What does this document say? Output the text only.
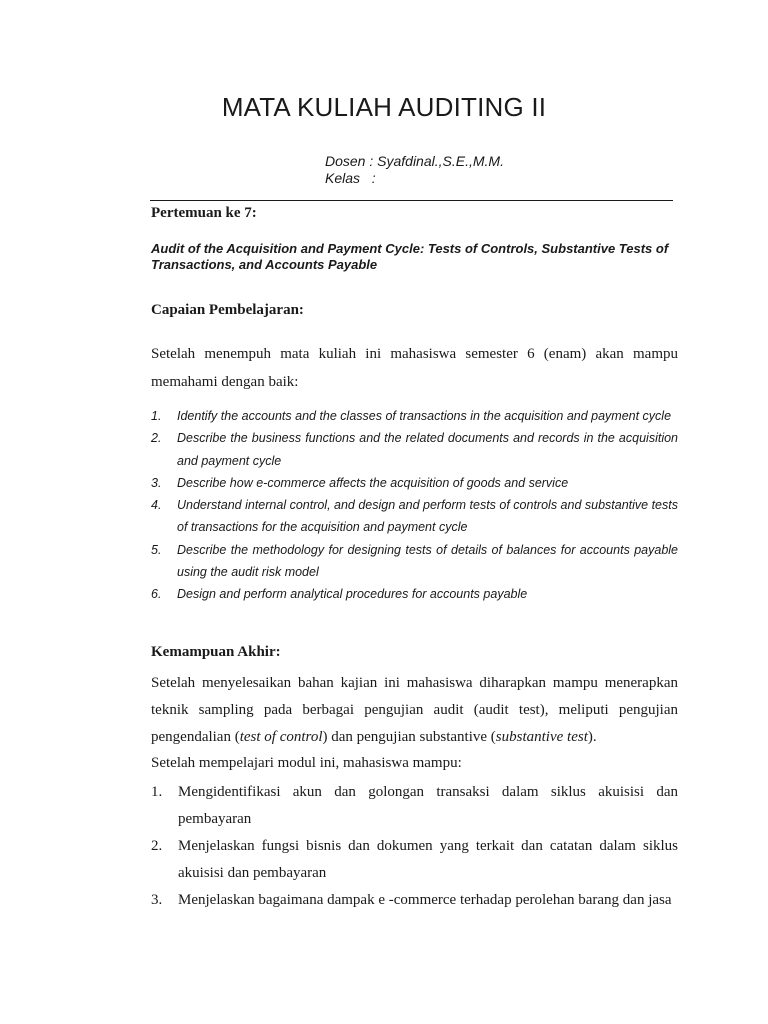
MATA KULIAH AUDITING II
Dosen : Syafdinal.,S.E.,M.M.
Kelas   :
Pertemuan ke 7:
Audit of the Acquisition and Payment Cycle: Tests of Controls, Substantive Tests of Transactions, and Accounts Payable
Capaian Pembelajaran:
Setelah menempuh mata kuliah ini mahasiswa semester 6 (enam) akan mampu memahami dengan baik:
1. Identify the accounts and the classes of transactions in the acquisition and payment cycle
2. Describe the business functions and the related documents and records in the acquisition and payment cycle
3. Describe how e-commerce affects the acquisition of goods and service
4. Understand internal control, and design and perform tests of controls and substantive tests
of transactions for the acquisition and payment cycle
5. Describe the methodology for designing tests of details of balances for accounts payable using the audit risk model
6. Design and perform analytical procedures for accounts payable
Kemampuan Akhir:
Setelah menyelesaikan bahan kajian ini mahasiswa diharapkan mampu menerapkan teknik sampling pada berbagai pengujian audit (audit test), meliputi pengujian pengendalian (test of control) dan pengujian substantive (substantive test).
Setelah mempelajari modul ini, mahasiswa mampu:
1. Mengidentifikasi akun dan golongan transaksi dalam siklus akuisisi dan pembayaran
2. Menjelaskan fungsi bisnis dan dokumen yang terkait dan catatan dalam siklus akuisisi dan pembayaran
3. Menjelaskan bagaimana dampak e -commerce terhadap perolehan barang dan jasa
